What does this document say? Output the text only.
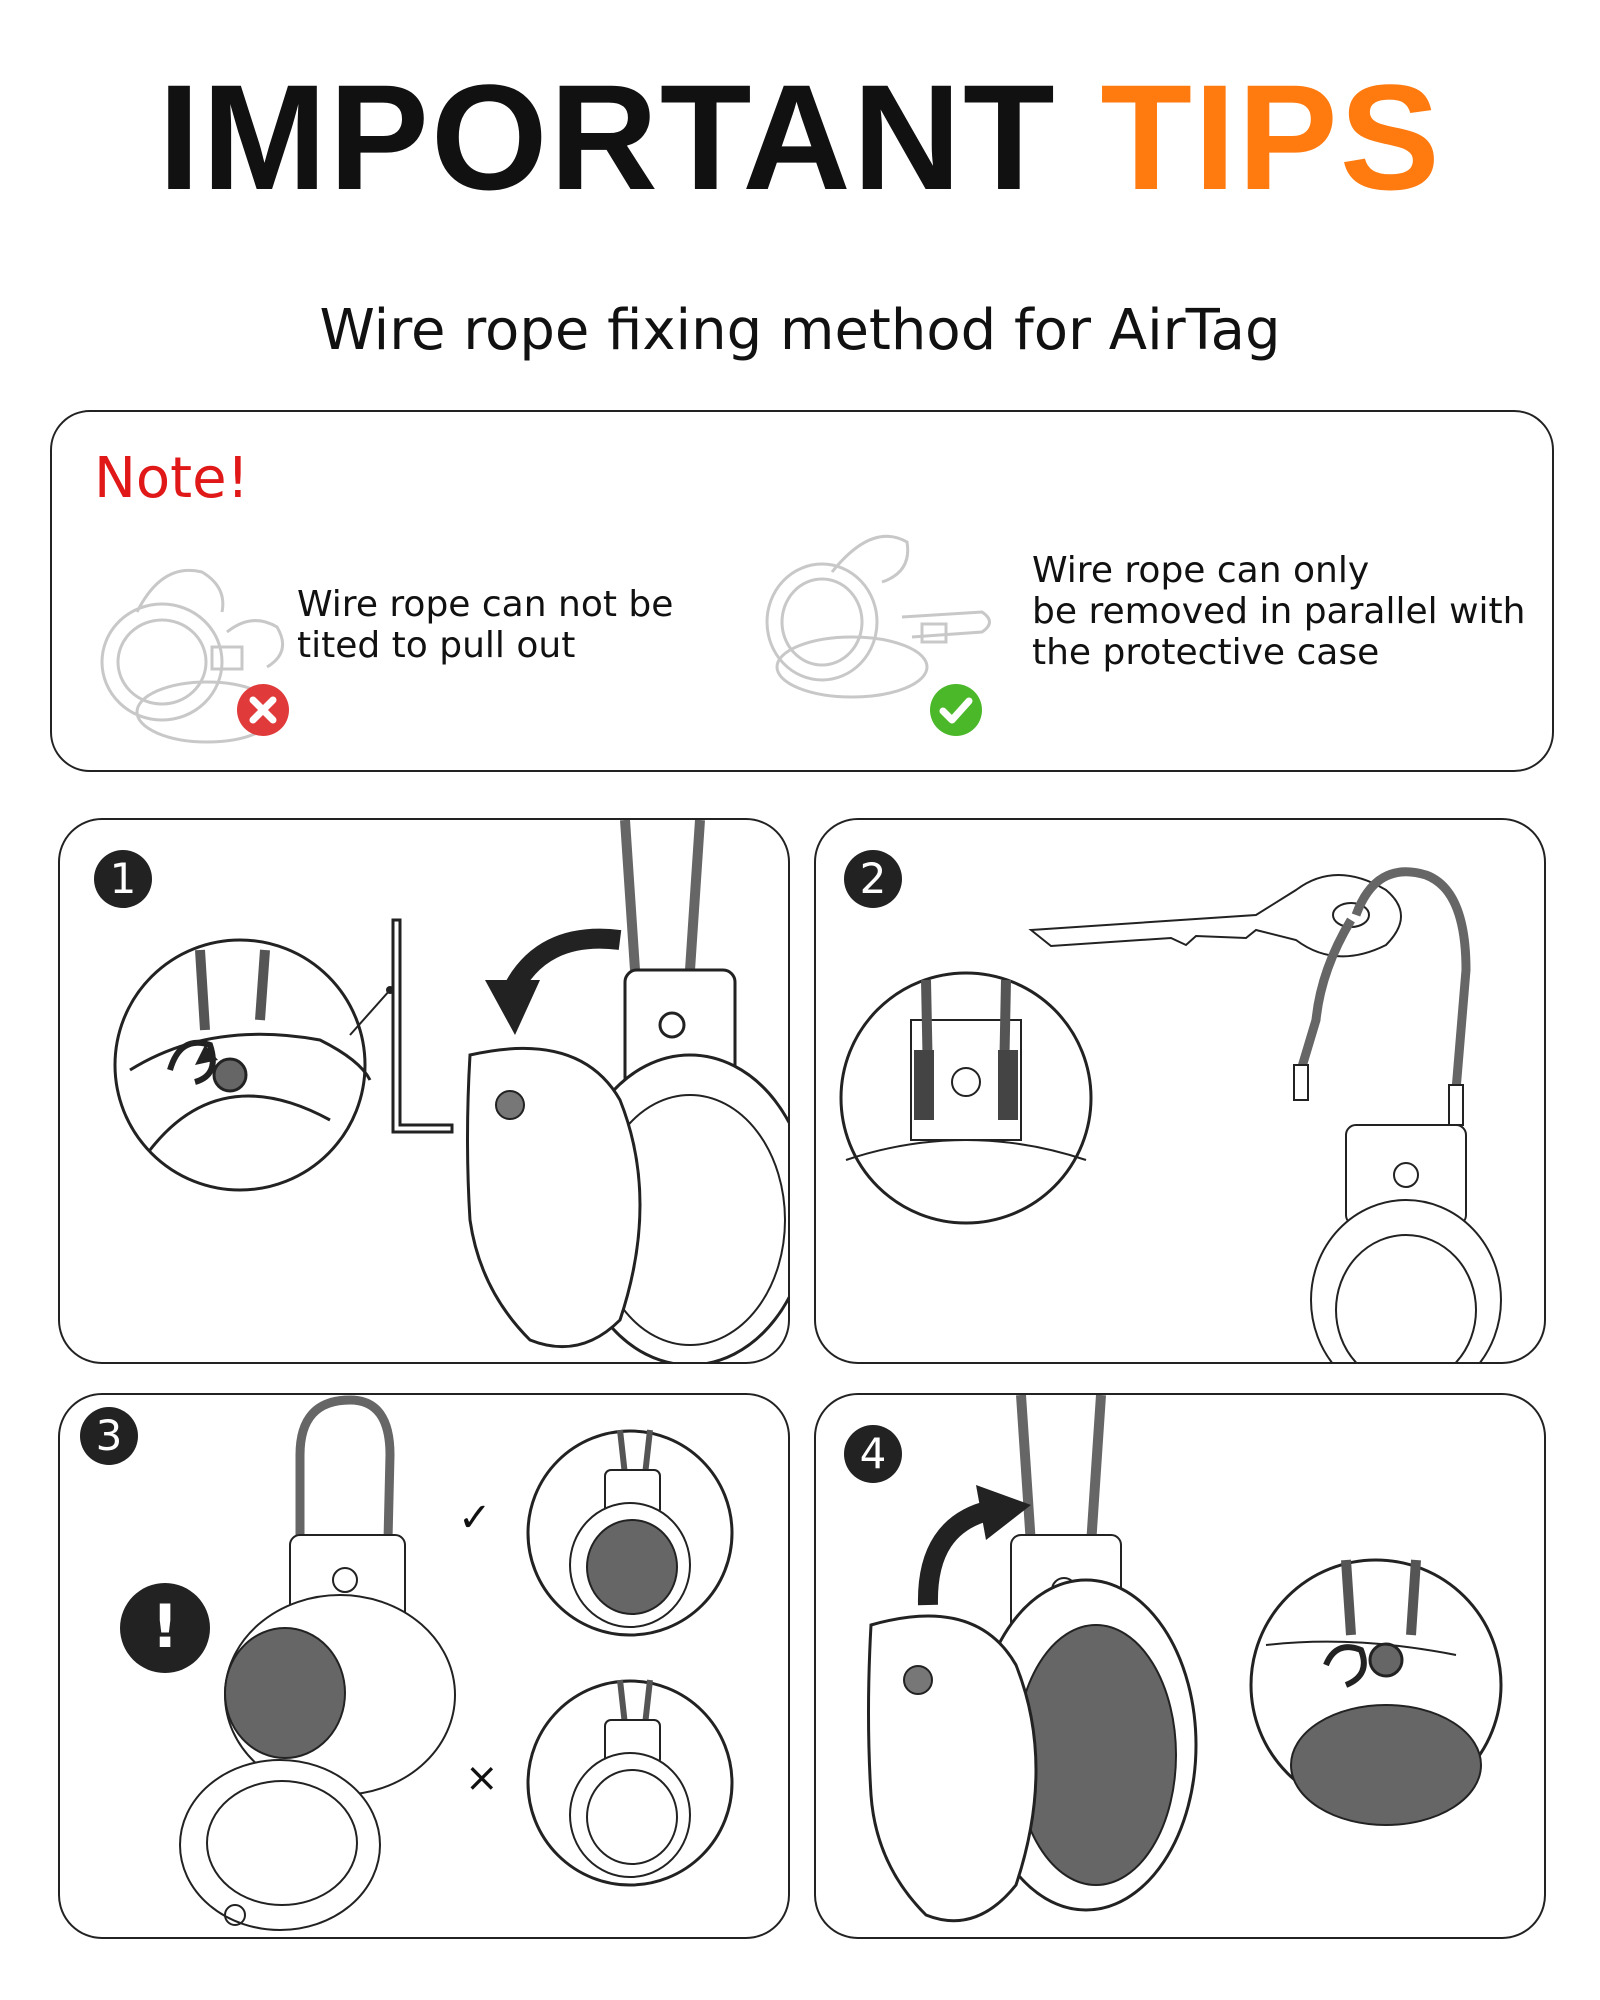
IMPORTANT TIPS
Wire rope fixing method for AirTag
Note!
Wire rope can not be
tited to pull out
Wire rope can only
be removed in parallel with
the protective case
1	2
3
!
✓
×
4
